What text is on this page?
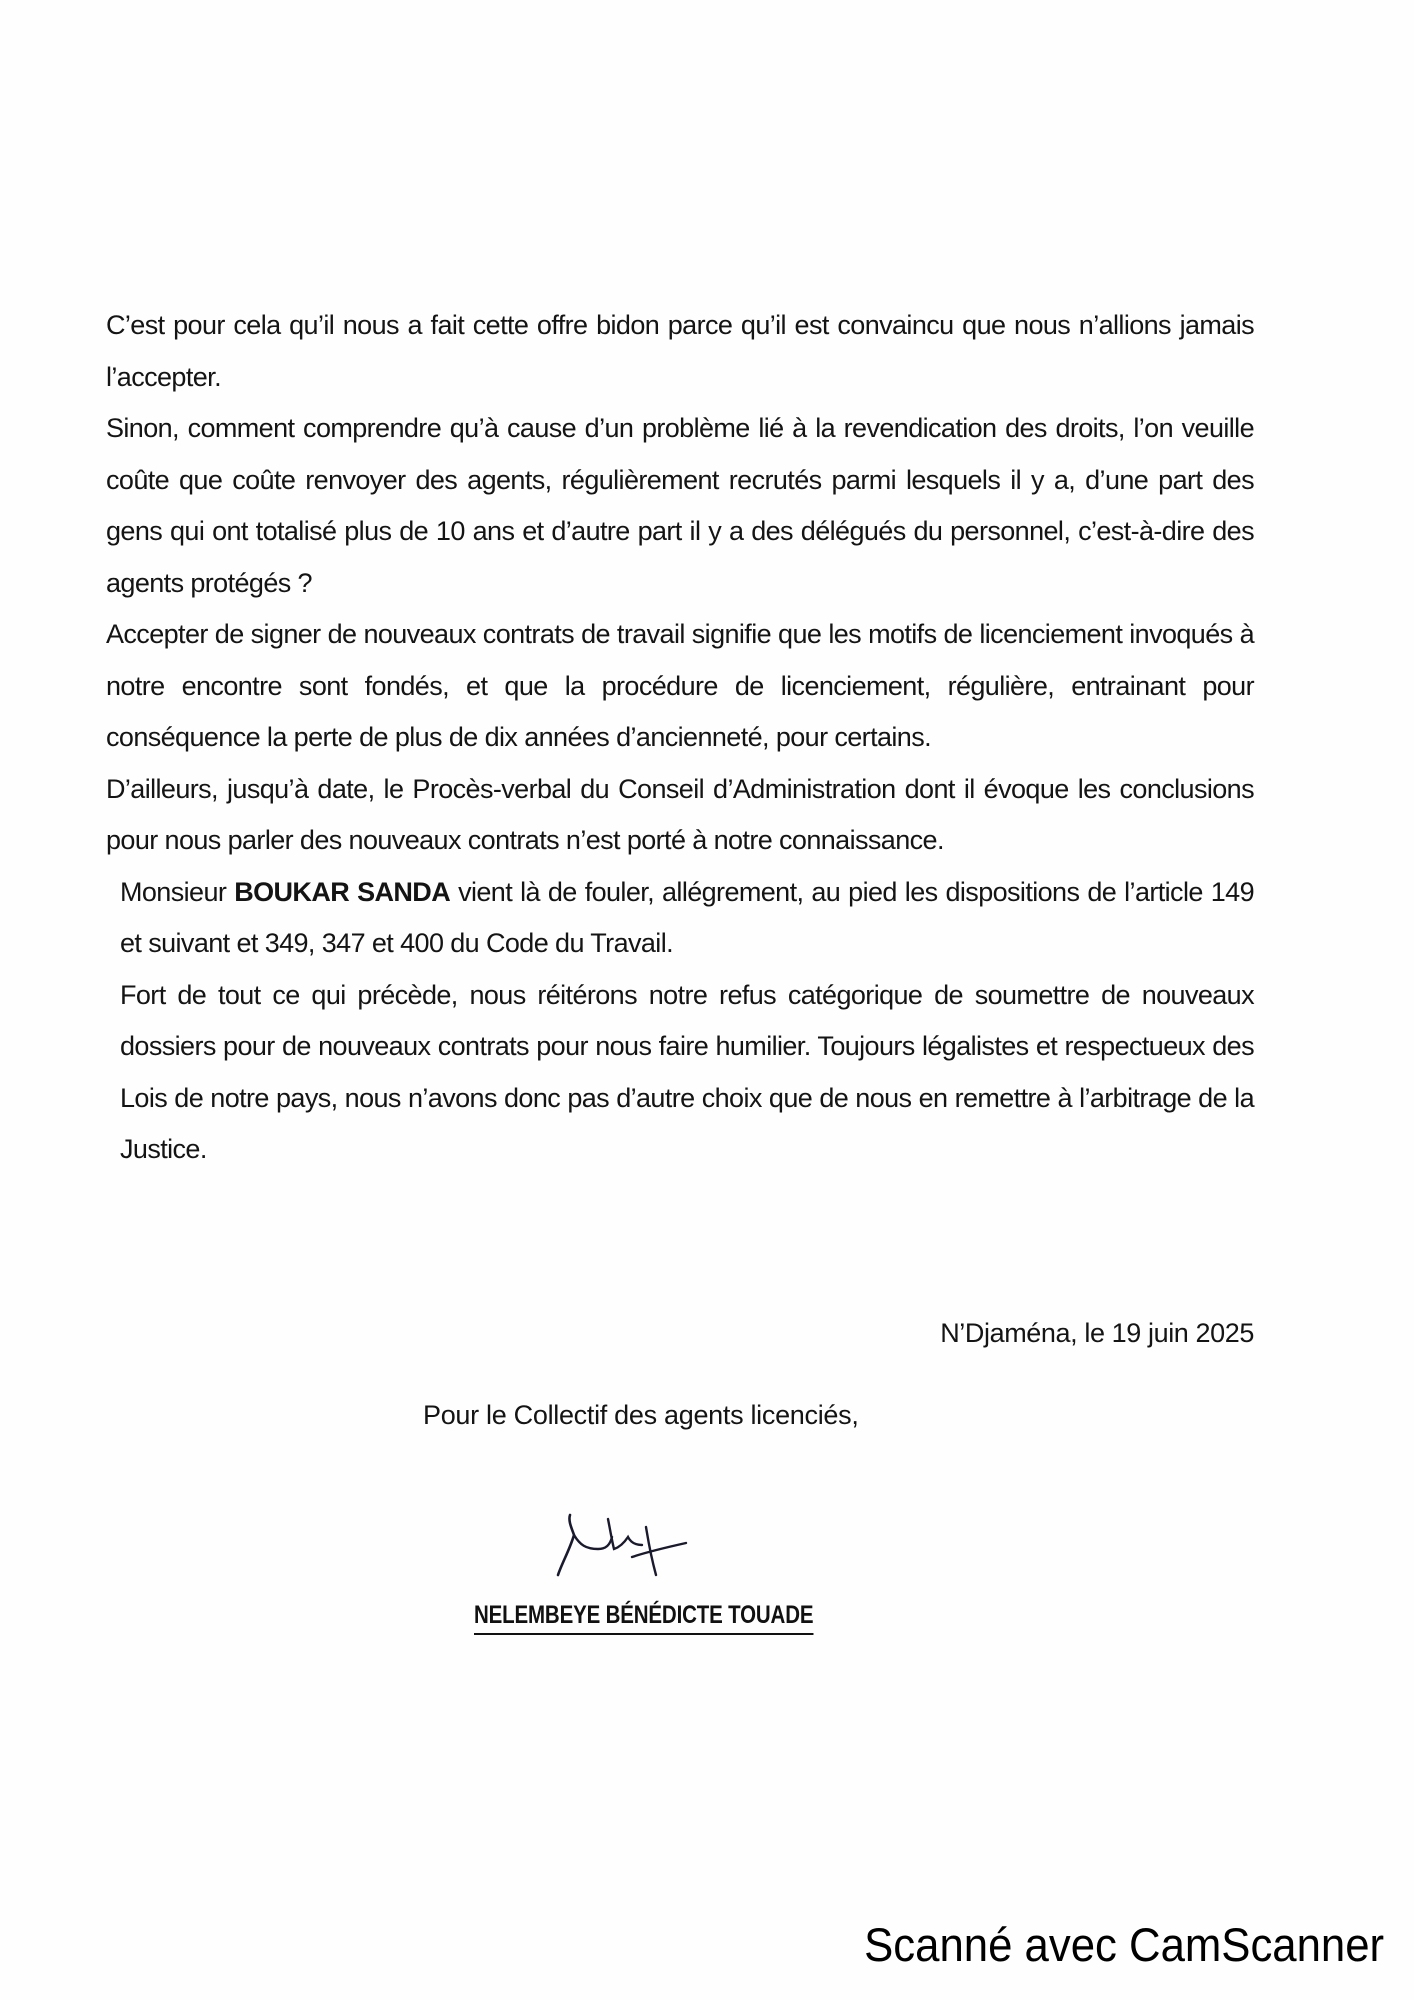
C’est pour cela qu’il nous a fait cette offre bidon parce qu’il est convaincu que nous n’allions jamais l’accepter.

Sinon, comment comprendre qu’à cause d’un problème lié à la revendication des droits, l’on veuille coûte que coûte renvoyer des agents, régulièrement recrutés parmi lesquels il y a, d’une part des gens qui ont totalisé plus de 10 ans et d’autre part il y a des délégués du personnel, c’est-à-dire des agents protégés ?

Accepter de signer de nouveaux contrats de travail signifie que les motifs de licenciement invoqués à notre encontre sont fondés, et que la procédure de licenciement, régulière, entrainant pour conséquence la perte de plus de dix années d’ancienneté, pour certains.

D’ailleurs, jusqu’à date, le Procès-verbal du Conseil d’Administration dont il évoque les conclusions pour nous parler des nouveaux contrats n’est porté à notre connaissance.

Monsieur BOUKAR SANDA vient là de fouler, allégrement, au pied les dispositions de l’article 149 et suivant et 349, 347 et 400 du Code du Travail.

Fort de tout ce qui précède, nous réitérons notre refus catégorique de soumettre de nouveaux dossiers pour de nouveaux contrats pour nous faire humilier. Toujours légalistes et respectueux des Lois de notre pays, nous n’avons donc pas d’autre choix que de nous en remettre à l’arbitrage de la Justice.

N’Djaména, le 19 juin 2025
Pour le Collectif des agents licenciés,
NELEMBEYE BÉNÉDICTE TOUADE
Scanné avec CamScanner
